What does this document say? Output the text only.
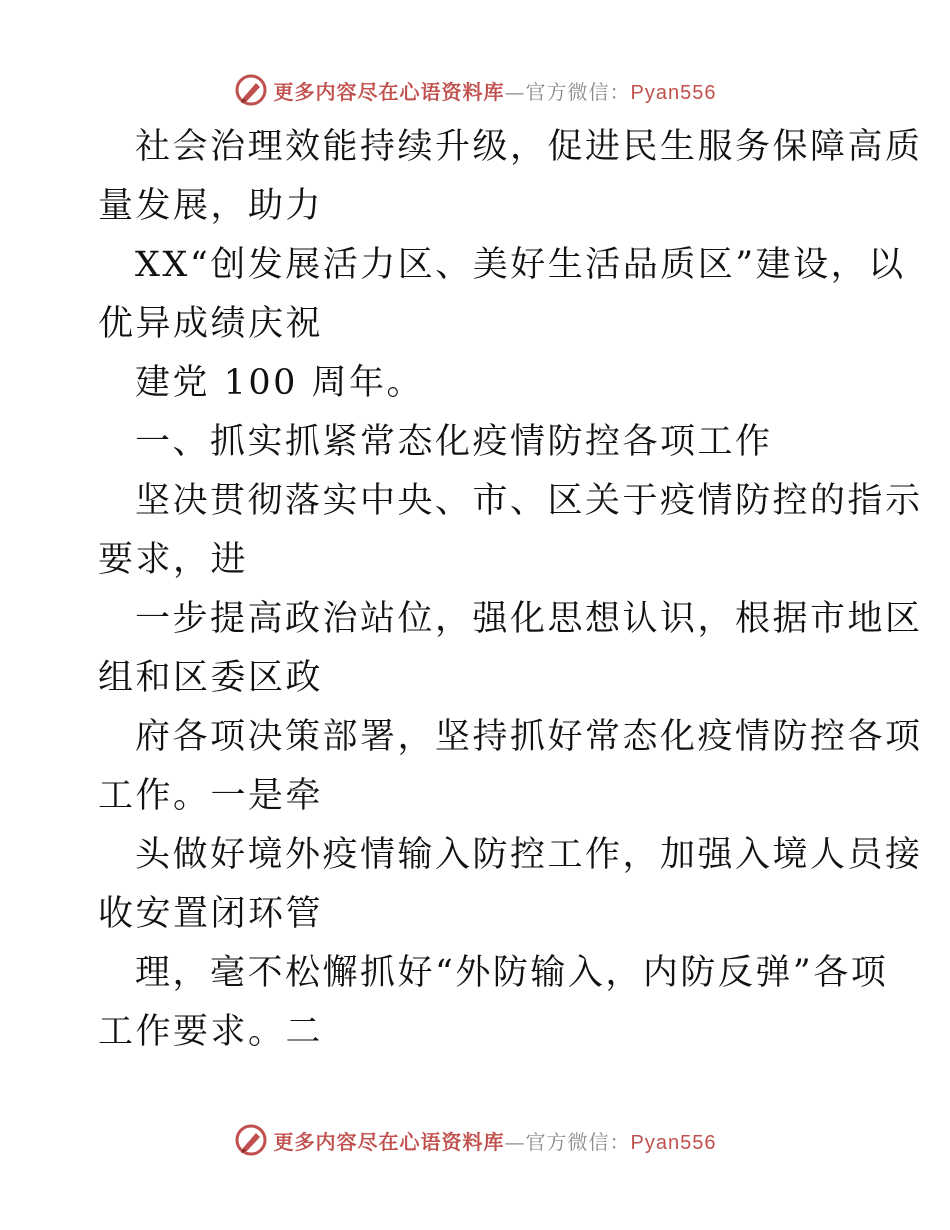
更多内容尽在心语资料库—官方微信：Pyan556
社会治理效能持续升级，促进民生服务保障高质
量发展，助力
XX“创发展活力区、美好生活品质区”建设，以
优异成绩庆祝
建党 100 周年。
一、抓实抓紧常态化疫情防控各项工作
坚决贯彻落实中央、市、区关于疫情防控的指示
要求，进
一步提高政治站位，强化思想认识，根据市地区
组和区委区政
府各项决策部署，坚持抓好常态化疫情防控各项
工作。一是牵
头做好境外疫情输入防控工作，加强入境人员接
收安置闭环管
理，毫不松懈抓好“外防输入，内防反弹”各项
工作要求。二
更多内容尽在心语资料库—官方微信：Pyan556
